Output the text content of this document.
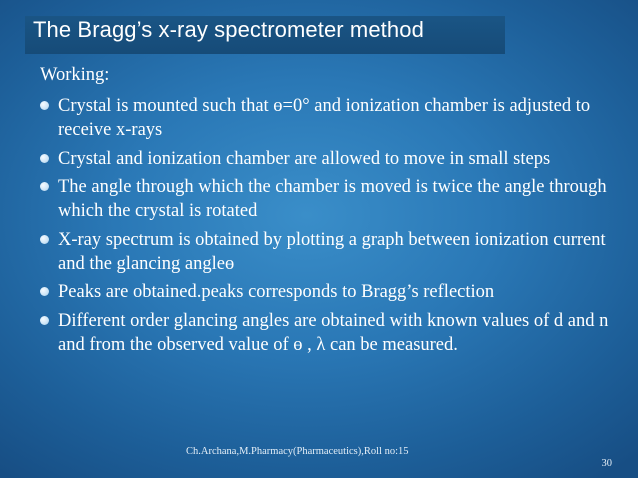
The Bragg’s x-ray spectrometer method
Working:
Crystal is mounted such that ɵ=0° and ionization chamber is adjusted to receive x-rays
Crystal and ionization chamber are allowed to move in small steps
The angle through which the chamber is moved is twice the angle through which the crystal is rotated
X-ray spectrum is obtained by plotting a graph between ionization current and the glancing angleɵ
Peaks are obtained.peaks corresponds to Bragg’s reflection
Different order glancing angles are obtained with known values of d and n and from the observed value of ɵ , λ can be measured.
Ch.Archana,M.Pharmacy(Pharmaceutics),Roll no:15
30
